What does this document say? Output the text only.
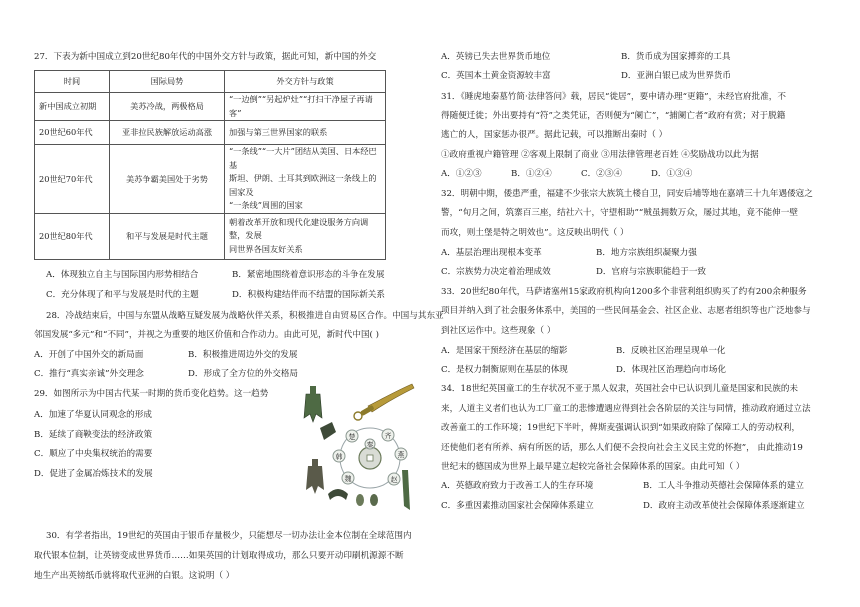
27．下表为新中国成立到20世纪80年代的中国外交方针与政策，据此可知，新中国的外交
时间	国际局势	外交方针与政策
新中国成立初期	美苏冷战，两极格局	“一边倒”“另起炉灶”“打扫干净屋子再请客”
20世纪60年代	亚非拉民族解放运动高涨	加强与第三世界国家的联系
20世纪70年代	美苏争霸美国处于劣势	“一条线”“一大片”团结从美国、日本经巴基
斯坦、伊朗、土耳其到欧洲这一条线上的国家及
“一条线”周围的国家

20世纪80年代	和平与发展是时代主题	朝着改革开放和现代化建设服务方向调整，发展
同世界各国友好关系
A．体现独立自主与国际国内形势相结合	B．紧密地围绕着意识形态的斗争在发展
C．充分体现了和平与发展是时代的主题	D．积极构建结伴而不结盟的国际新关系
28．冷战结束后，中国与东盟从战略互疑发展为战略伙伴关系，积极推进自由贸易区合作。中国与其东亚
邻国发展“多元”和“不同”，并视之为重要的地区价值和合作动力。由此可见，新时代中国( )
A．开创了中国外交的新局面	B．积极推进周边外交的发展
C．推行“真实亲诚”外交理念	D．形成了全方位的外交格局
29．如图所示为中国古代某一时期的货币变化趋势。这一趋势
A．加速了华夏认同观念的形成
B．延续了商鞅变法的经济政策
C．顺应了中央集权统治的需要
D．促进了金属冶炼技术的发展
楚	齐
燕
赵
魏
秦
韩
30．有学者指出，19世纪的英国由于银币存量极少，只能想尽一切办法让金本位制在全球范围内
取代银本位制，让英镑变成世界货币……如果英国的计划取得成功，那么只要开动印刷机源源不断
地生产出英镑纸币就将取代亚洲的白银。这说明（ ）
A．英镑已失去世界货币地位	B．货币成为国家搏弈的工具
C．英国本土黄金资源较丰富	D．亚洲白银已成为世界货币
31．《睡虎地秦墓竹简·法律答问》载，居民“徙居”，要申请办理“更籍”，未经官府批准，不
得随便迁徙；外出要持有“符”之类凭证，否则便为“阑亡”，“捕阑亡者”政府有赏；对于脱籍
逃亡的人，国家惩办很严。据此记载，可以推断出秦时（ ）
①政府重视户籍管理 ②客观上限制了商业 ③用法律管理老百姓 ④奖励战功以此为据
A．①②③	B．①②④	C．②③④	D．①③④
32．明朝中期，倭患严重，福建不少张宗大族筑土楼自卫，同安后埔等地在嘉靖三十九年遇倭寇之
警，“旬月之间，筑寨百三座，结社六十，守望相助”“贼虽拥数万众，屡过其地，竟不能伸一壁
而攻，则土堡是特之明效也”。这反映出明代（ ）
A．基层治理出现根本变革	B．地方宗族组织凝聚力强
C．宗族势力决定着治理成效	D．官府与宗族职能趋于一致
33．20世纪80年代，马萨诸塞州15家政府机构向1200多个非营利组织购买了约有200余种服务
项目并纳入到了社会服务体系中，美国的一些民间基金会、社区企业、志愿者组织等也广泛地参与
到社区运作中。这些现象（ ）
A．是国家干预经济在基层的缩影	B．反映社区治理呈现单一化
C．是权力制衡原则在基层的体现	D．体现社区治理趋向市场化
34．18世纪英国童工的生存状况不亚于黑人奴隶，英国社会中已认识到儿童是国家和民族的未
来，人道主义者们也认为工厂童工的悲惨遭遇应得到社会各阶层的关注与同情，推动政府通过立法
改善童工的工作环境；19世纪下半叶，俾斯麦强调认识到“如果政府除了保障工人的劳动权利，
还使他们老有所养、病有所医的话，那么人们便不会投向社会主义民主党的怀抱”， 由此推动19
世纪末的德国成为世界上最早建立起较完备社会保障体系的国家。由此可知（ ）
A．英德政府致力于改善工人的生存环境	B．工人斗争推动英德社会保障体系的建立
C．多重因素推动国家社会保障体系建立	D．政府主动改革使社会保障体系逐渐建立
